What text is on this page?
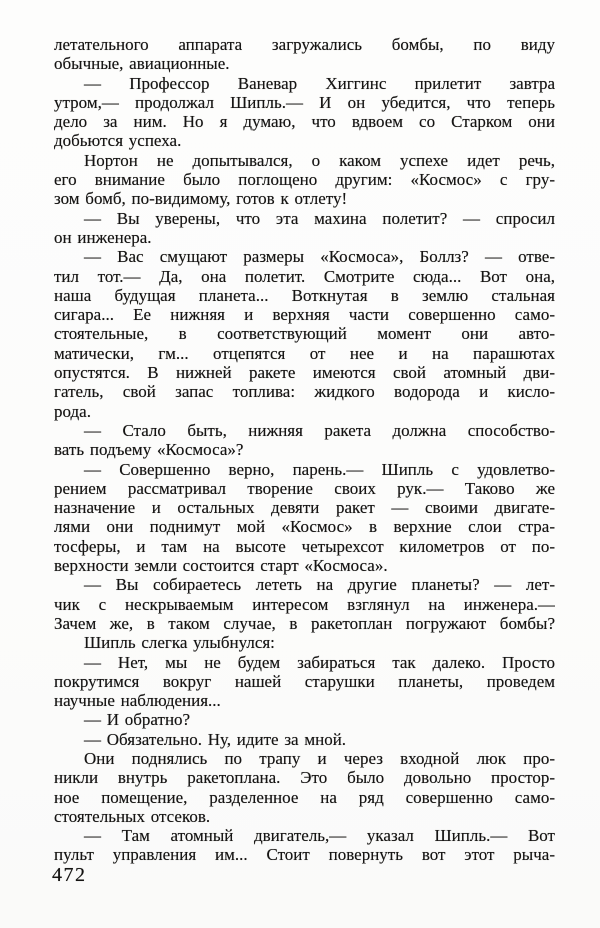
летательного аппарата загружались бомбы, по виду
обычные, авиационные.
— Профессор Ваневар Хиггинс прилетит завтра
утром,— продолжал Шипль.— И он убедится, что теперь
дело за ним. Но я думаю, что вдвоем со Старком они
добьются успеха.
Нортон не допытывался, о каком успехе идет речь,
его внимание было поглощено другим: «Космос» с гру-
зом бомб, по-видимому, готов к отлету!
— Вы уверены, что эта махина полетит? — спросил
он инженера.
— Вас смущают размеры «Космоса», Боллз? — отве-
тил тот.— Да, она полетит. Смотрите сюда... Вот она,
наша будущая планета... Воткнутая в землю стальная
сигара... Ее нижняя и верхняя части совершенно само-
стоятельные, в соответствующий момент они авто-
матически, гм... отцепятся от нее и на парашютах
опустятся. В нижней ракете имеются свой атомный дви-
гатель, свой запас топлива: жидкого водорода и кисло-
рода.
— Стало быть, нижняя ракета должна способство-
вать подъему «Космоса»?
— Совершенно верно, парень.— Шипль с удовлетво-
рением рассматривал творение своих рук.— Таково же
назначение и остальных девяти ракет — своими двигате-
лями они поднимут мой «Космос» в верхние слои стра-
тосферы, и там на высоте четырехсот километров от по-
верхности земли состоится старт «Космоса».
— Вы собираетесь лететь на другие планеты? — лет-
чик с нескрываемым интересом взглянул на инженера.—
Зачем же, в таком случае, в ракетоплан погружают бомбы?
Шипль слегка улыбнулся:
— Нет, мы не будем забираться так далеко. Просто
покрутимся вокруг нашей старушки планеты, проведем
научные наблюдения...
— И обратно?
— Обязательно. Ну, идите за мной.
Они поднялись по трапу и через входной люк про-
никли внутрь ракетоплана. Это было довольно простор-
ное помещение, разделенное на ряд совершенно само-
стоятельных отсеков.
— Там атомный двигатель,— указал Шипль.— Вот
пульт управления им... Стоит повернуть вот этот рыча-
472
